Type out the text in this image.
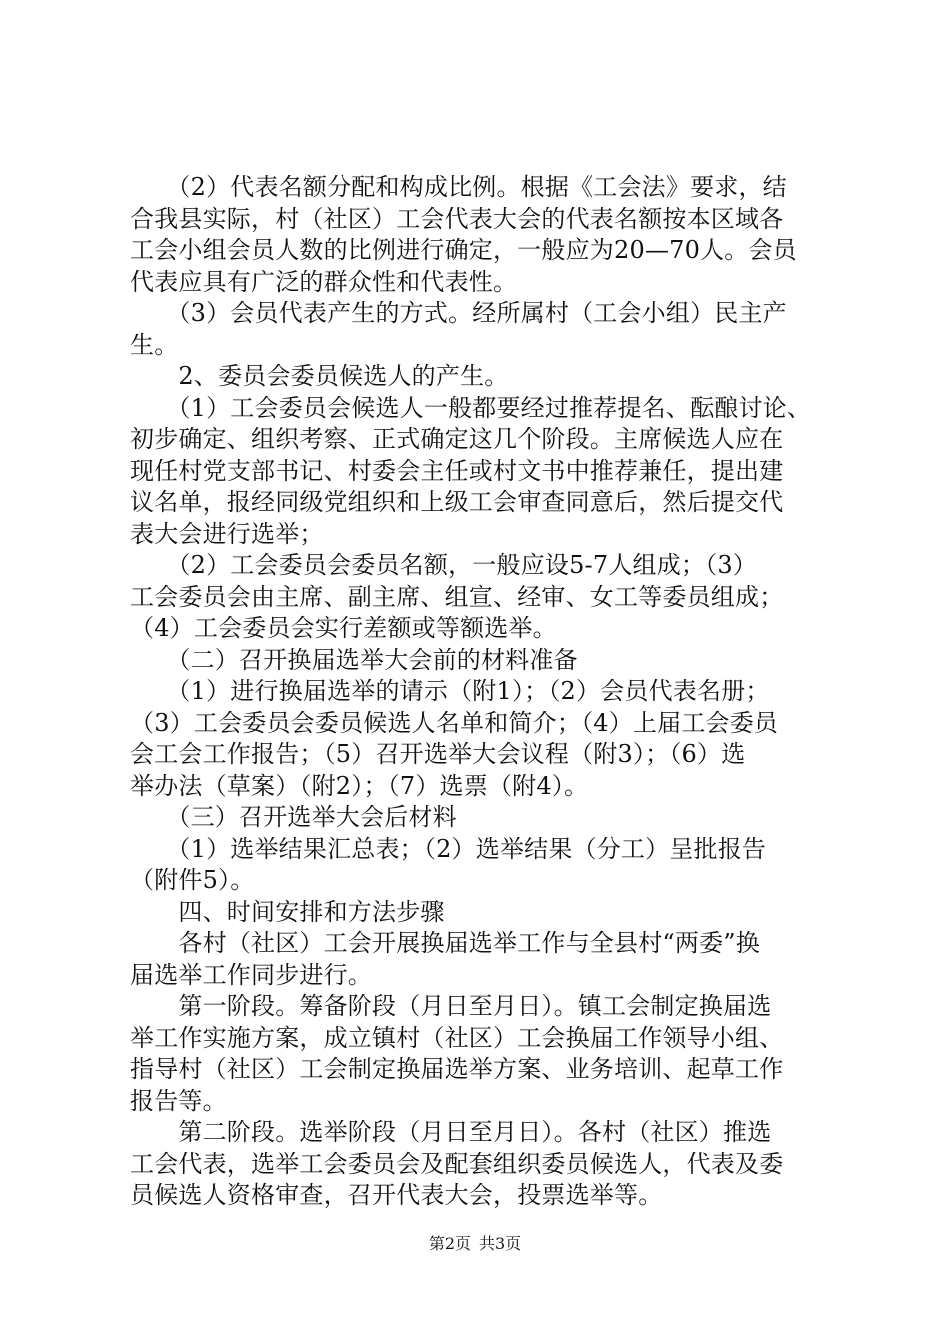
　　（2）代表名额分配和构成比例。根据《工会法》要求，结
合我县实际，村（社区）工会代表大会的代表名额按本区域各
工会小组会员人数的比例进行确定，一般应为20—70人。会员
代表应具有广泛的群众性和代表性。
　　（3）会员代表产生的方式。经所属村（工会小组）民主产
生。
　　2、委员会委员候选人的产生。
　　（1）工会委员会候选人一般都要经过推荐提名、酝酿讨论、
初步确定、组织考察、正式确定这几个阶段。主席候选人应在
现任村党支部书记、村委会主任或村文书中推荐兼任，提出建
议名单，报经同级党组织和上级工会审查同意后，然后提交代
表大会进行选举；
　　（2）工会委员会委员名额，一般应设5-7人组成；（3）
工会委员会由主席、副主席、组宣、经审、女工等委员组成；
（4）工会委员会实行差额或等额选举。
　　（二）召开换届选举大会前的材料准备
　　（1）进行换届选举的请示（附1）；（2）会员代表名册；
（3）工会委员会委员候选人名单和简介；（4）上届工会委员
会工会工作报告；（5）召开选举大会议程（附3）；（6）选
举办法（草案）（附2）；（7）选票（附4）。
　　（三）召开选举大会后材料
　　（1）选举结果汇总表；（2）选举结果（分工）呈批报告
（附件5）。
　　四、时间安排和方法步骤
　　各村（社区）工会开展换届选举工作与全县村“两委”换
届选举工作同步进行。
　　第一阶段。筹备阶段（月日至月日）。镇工会制定换届选
举工作实施方案，成立镇村（社区）工会换届工作领导小组、
指导村（社区）工会制定换届选举方案、业务培训、起草工作
报告等。
　　第二阶段。选举阶段（月日至月日）。各村（社区）推选
工会代表，选举工会委员会及配套组织委员候选人，代表及委
员候选人资格审查，召开代表大会，投票选举等。
第2页 共3页
